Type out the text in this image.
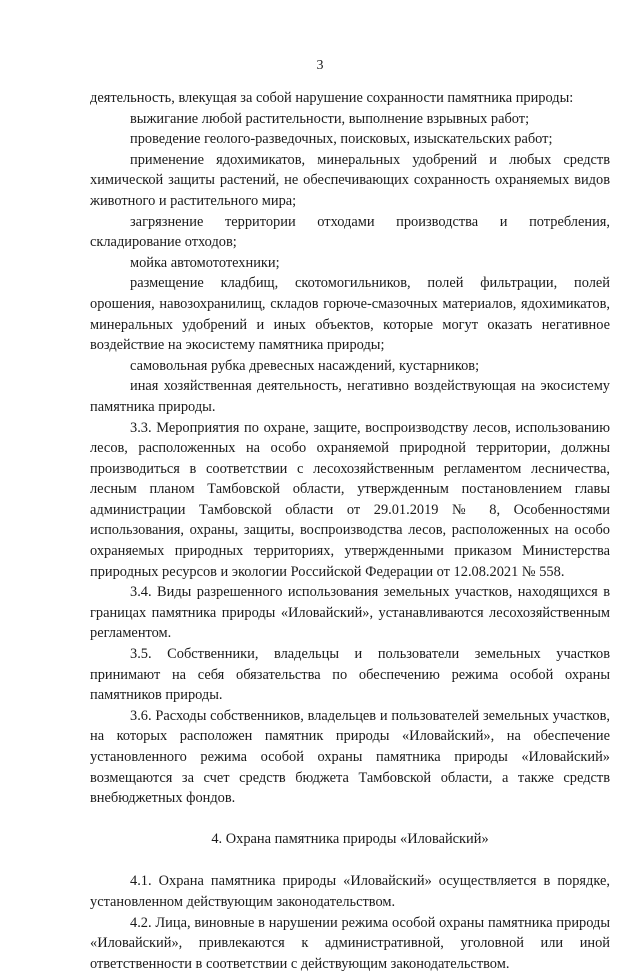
3

деятельность, влекущая за собой нарушение сохранности памятника природы:

выжигание любой растительности, выполнение взрывных работ;

проведение геолого-разведочных, поисковых, изыскательских работ;

применение ядохимикатов, минеральных удобрений и любых средств химической защиты растений, не обеспечивающих сохранность охраняемых видов животного и растительного мира;

загрязнение территории отходами производства и потребления, складирование отходов;

мойка автомототехники;

размещение кладбищ, скотомогильников, полей фильтрации, полей орошения, навозохранилищ, складов горюче-смазочных материалов, ядохимикатов, минеральных удобрений и иных объектов, которые могут оказать негативное воздействие на экосистему памятника природы;

самовольная рубка древесных насаждений, кустарников;

иная хозяйственная деятельность, негативно воздействующая на экосистему памятника природы.

3.3. Мероприятия по охране, защите, воспроизводству лесов, использованию лесов, расположенных на особо охраняемой природной территории, должны производиться в соответствии с лесохозяйственным регламентом лесничества, лесным планом Тамбовской области, утвержденным постановлением главы администрации Тамбовской области от 29.01.2019 № 8, Особенностями использования, охраны, защиты, воспроизводства лесов, расположенных на особо охраняемых природных территориях, утвержденными приказом Министерства природных ресурсов и экологии Российской Федерации от 12.08.2021 № 558.

3.4. Виды разрешенного использования земельных участков, находящихся в границах памятника природы «Иловайский», устанавливаются лесохозяйственным регламентом.

3.5. Собственники, владельцы и пользователи земельных участков принимают на себя обязательства по обеспечению режима особой охраны памятников природы.

3.6. Расходы собственников, владельцев и пользователей земельных участков, на которых расположен памятник природы «Иловайский», на обеспечение установленного режима особой охраны памятника природы «Иловайский» возмещаются за счет средств бюджета Тамбовской области, а также средств внебюджетных фондов.

4. Охрана памятника природы «Иловайский»

4.1. Охрана памятника природы «Иловайский» осуществляется в порядке, установленном действующим законодательством.

4.2. Лица, виновные в нарушении режима особой охраны памятника природы «Иловайский», привлекаются к административной, уголовной или иной ответственности в соответствии с действующим законодательством.
